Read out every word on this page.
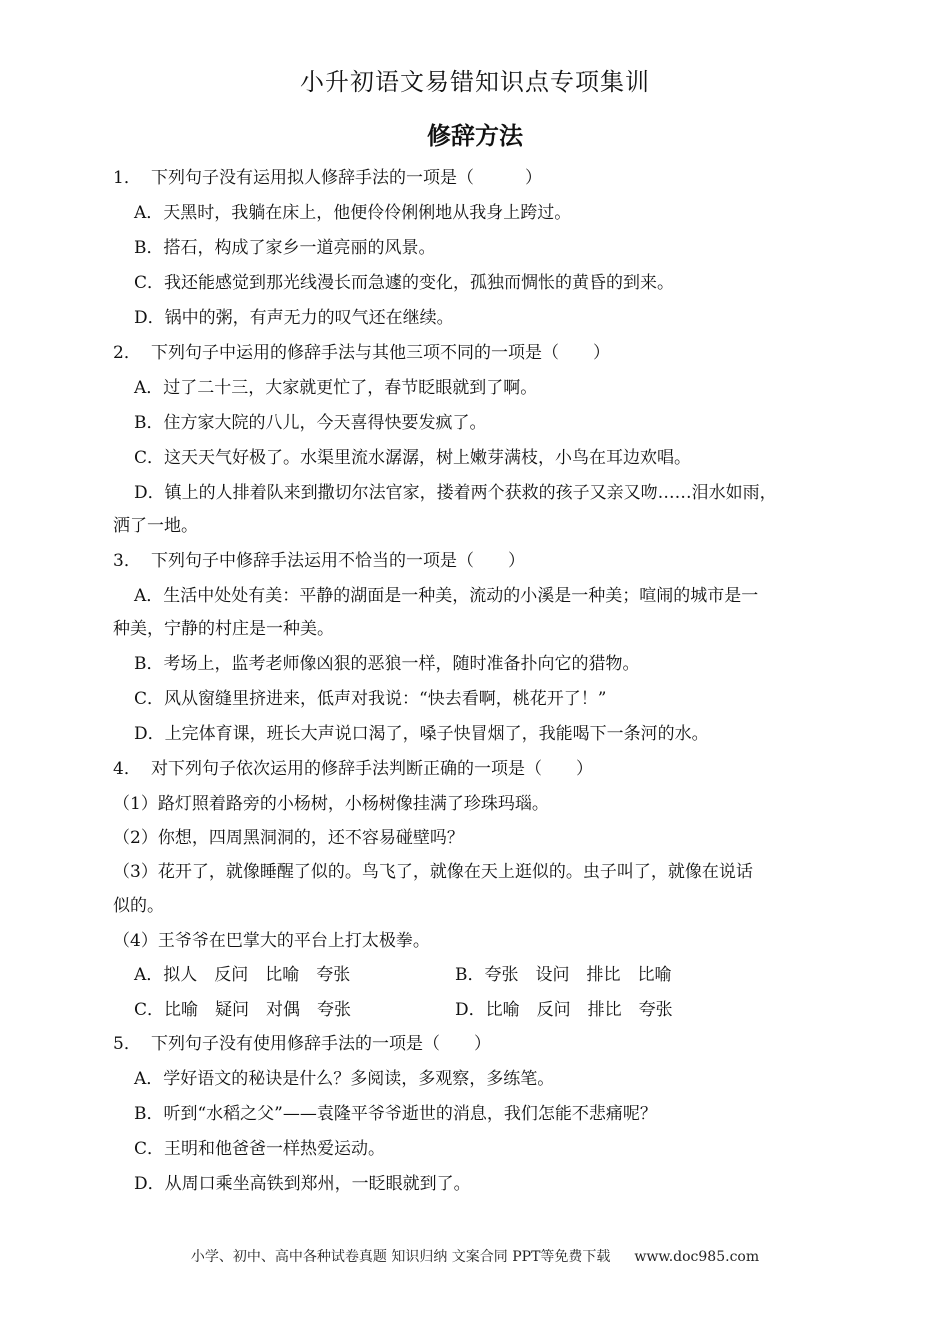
小升初语文易错知识点专项集训
修辞方法
1． 下列句子没有运用拟人修辞手法的一项是（　　　）
A．天黑时，我躺在床上，他便伶伶俐俐地从我身上跨过。
B．搭石，构成了家乡一道亮丽的风景。
C．我还能感觉到那光线漫长而急遽的变化，孤独而惆怅的黄昏的到来。
D．锅中的粥，有声无力的叹气还在继续。
2． 下列句子中运用的修辞手法与其他三项不同的一项是（　　）
A．过了二十三，大家就更忙了，春节眨眼就到了啊。
B．住方家大院的八儿，今天喜得快要发疯了。
C．这天天气好极了。水渠里流水潺潺，树上嫩芽满枝，小鸟在耳边欢唱。
D．镇上的人排着队来到撒切尔法官家，搂着两个获救的孩子又亲又吻……泪水如雨，
洒了一地。
3． 下列句子中修辞手法运用不恰当的一项是（　　）
A．生活中处处有美：平静的湖面是一种美，流动的小溪是一种美；喧闹的城市是一
种美，宁静的村庄是一种美。
B．考场上，监考老师像凶狠的恶狼一样，随时准备扑向它的猎物。
C．风从窗缝里挤进来，低声对我说：“快去看啊，桃花开了！”
D．上完体育课，班长大声说口渴了，嗓子快冒烟了，我能喝下一条河的水。
4． 对下列句子依次运用的修辞手法判断正确的一项是（　　）
（1）路灯照着路旁的小杨树，小杨树像挂满了珍珠玛瑙。
（2）你想，四周黑洞洞的，还不容易碰壁吗？
（3）花开了，就像睡醒了似的。鸟飞了，就像在天上逛似的。虫子叫了，就像在说话
似的。
（4）王爷爷在巴掌大的平台上打太极拳。
A．拟人　反问　比喻　夸张	B．夸张　设问　排比　比喻
C．比喻　疑问　对偶　夸张	D．比喻　反问　排比　夸张
5． 下列句子没有使用修辞手法的一项是（　　）
A．学好语文的秘诀是什么？多阅读，多观察，多练笔。
B．听到“水稻之父”——袁隆平爷爷逝世的消息，我们怎能不悲痛呢？
C．王明和他爸爸一样热爱运动。
D．从周口乘坐高铁到郑州，一眨眼就到了。
小学、初中、高中各种试卷真题 知识归纳 文案合同 PPT等免费下载 www.doc985.com
